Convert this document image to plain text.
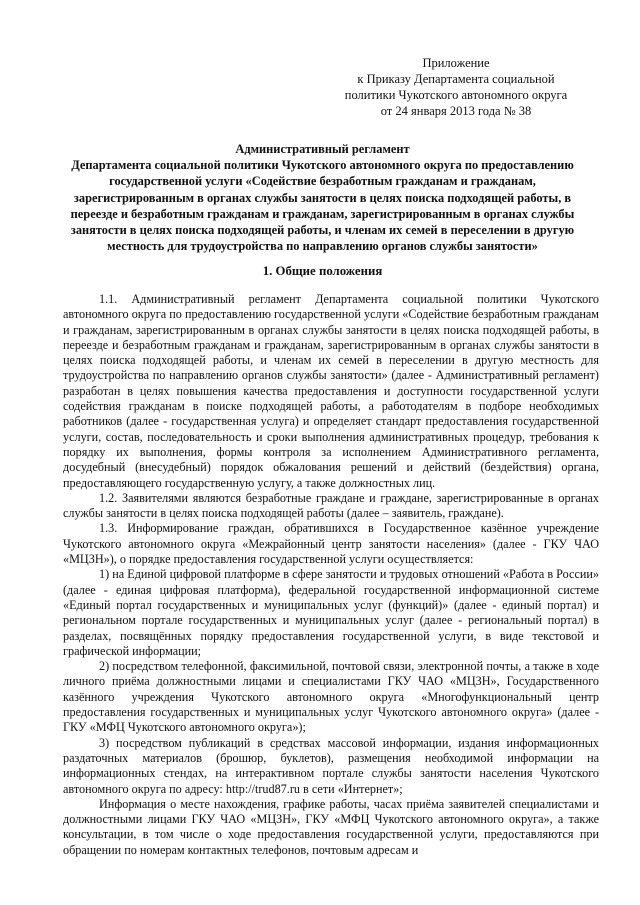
Приложение
к Приказу Департамента социальной
политики Чукотского автономного округа
от 24 января 2013 года № 38
Административный регламент
Департамента социальной политики Чукотского автономного округа по предоставлению
государственной услуги «Содействие безработным гражданам и гражданам,
зарегистрированным в органах службы занятости в целях поиска подходящей работы, в
переезде и безработным гражданам и гражданам, зарегистрированным в органах службы
занятости в целях поиска подходящей работы, и членам их семей в переселении в другую
местность для трудоустройства по направлению органов службы занятости»
1. Общие положения

1.1. Административный регламент Департамента социальной политики Чукотского автономного округа по предоставлению государственной услуги «Содействие безработным гражданам и гражданам, зарегистрированным в органах службы занятости в целях поиска подходящей работы, в переезде и безработным гражданам и гражданам, зарегистрированным в органах службы занятости в целях поиска подходящей работы, и членам их семей в переселении в другую местность для трудоустройства по направлению органов службы занятости» (далее - Административный регламент) разработан в целях повышения качества предоставления и доступности государственной услуги содействия гражданам в поиске подходящей работы, а работодателям в подборе необходимых работников (далее - государственная услуга) и определяет стандарт предоставления государственной услуги, состав, последовательность и сроки выполнения административных процедур, требования к порядку их выполнения, формы контроля за исполнением Административного регламента, досудебный (внесудебный) порядок обжалования решений и действий (бездействия) органа, предоставляющего государственную услугу, а также должностных лиц.

1.2. Заявителями являются безработные граждане и граждане, зарегистрированные в органах службы занятости в целях поиска подходящей работы (далее – заявитель, граждане).

1.3. Информирование граждан, обратившихся в Государственное казённое учреждение Чукотского автономного округа «Межрайонный центр занятости населения» (далее - ГКУ ЧАО «МЦЗН»), о порядке предоставления государственной услуги осуществляется:

1) на Единой цифровой платформе в сфере занятости и трудовых отношений «Работа в России» (далее - единая цифровая платформа), федеральной государственной информационной системе «Единый портал государственных и муниципальных услуг (функций)» (далее - единый портал) и региональном портале государственных и муниципальных услуг (далее - региональный портал) в разделах, посвящённых порядку предоставления государственной услуги, в виде текстовой и графической информации;

2) посредством телефонной, факсимильной, почтовой связи, электронной почты, а также в ходе личного приёма должностными лицами и специалистами ГКУ ЧАО «МЦЗН», Государственного казённого учреждения Чукотского автономного округа «Многофункциональный центр предоставления государственных и муниципальных услуг Чукотского автономного округа» (далее - ГКУ «МФЦ Чукотского автономного округа»);

3) посредством публикаций в средствах массовой информации, издания информационных раздаточных материалов (брошюр, буклетов), размещения необходимой информации на информационных стендах, на интерактивном портале службы занятости населения Чукотского автономного округа по адресу: http://trud87.ru в сети «Интернет»;

Информация о месте нахождения, графике работы, часах приёма заявителей специалистами и должностными лицами ГКУ ЧАО «МЦЗН», ГКУ «МФЦ Чукотского автономного округа», а также консультации, в том числе о ходе предоставления государственной услуги, предоставляются при обращении по номерам контактных телефонов, почтовым адресам и
